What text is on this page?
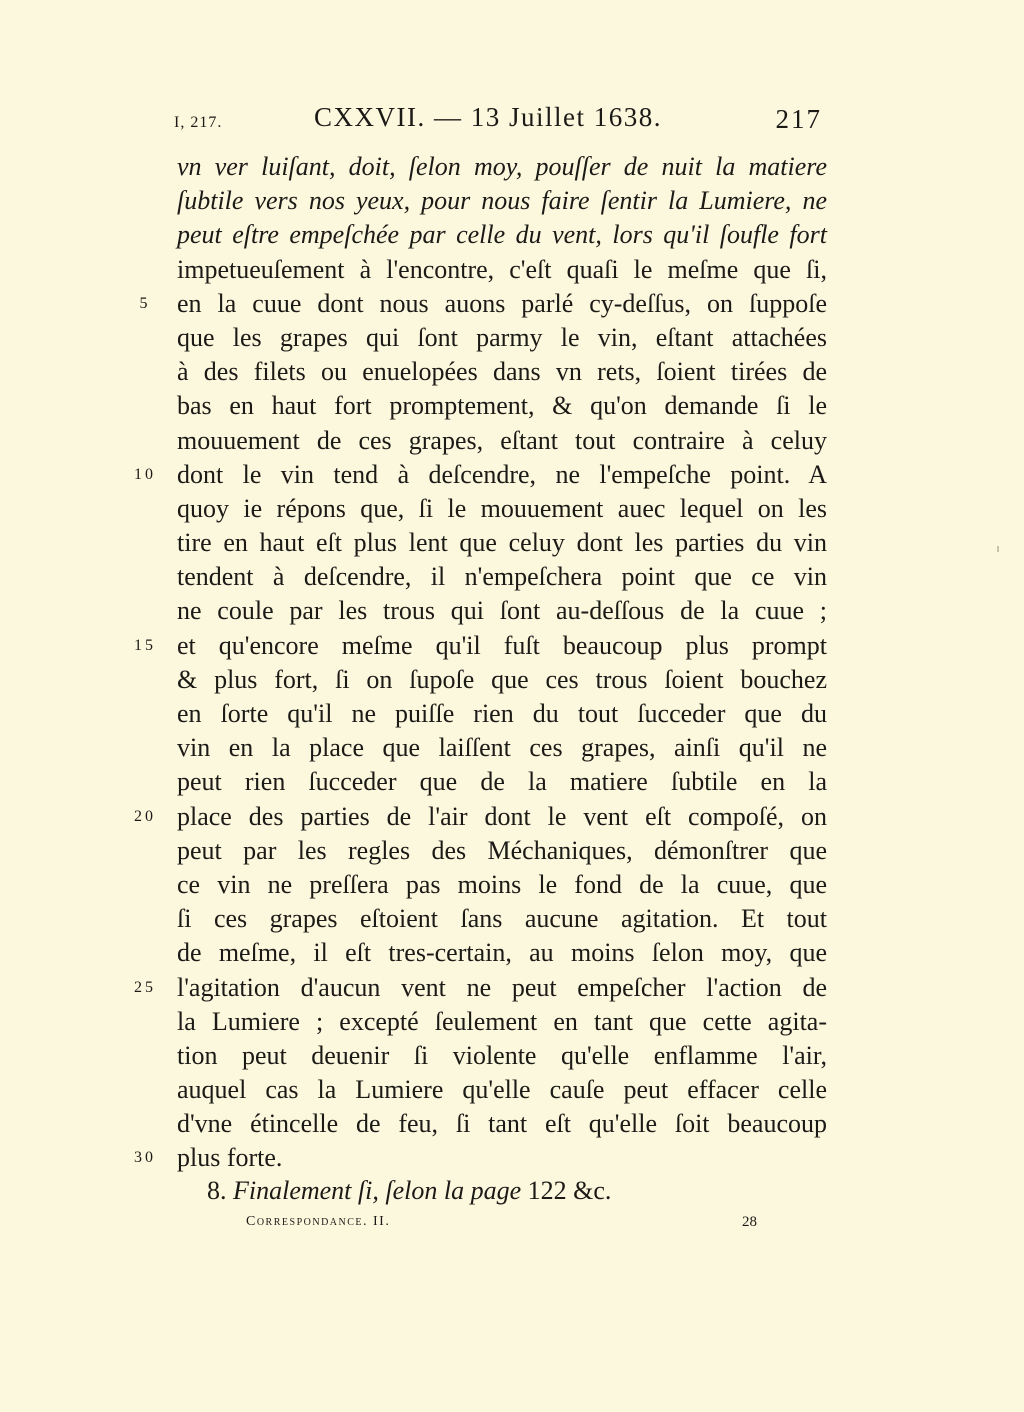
I, 217.	CXXVII. — 13 Juillet 1638.	217
vn ver luiſant, doit, ſelon moy, pouſſer de nuit la matiere
ſubtile vers nos yeux, pour nous faire ſentir la Lumiere, ne
peut eſtre empeſchée par celle du vent, lors qu'il ſoufle fort
impetueuſement à l'encontre, c'eſt quaſi le meſme que ſi,
5	en la cuue dont nous auons parlé cy-deſſus, on ſuppoſe
que les grapes qui ſont parmy le vin, eſtant attachées
à des filets ou enuelopées dans vn rets, ſoient tirées de
bas en haut fort promptement, & qu'on demande ſi le
mouuement de ces grapes, eſtant tout contraire à celuy
10 dont le vin tend à deſcendre, ne l'empeſche point. A
quoy ie répons que, ſi le mouuement auec lequel on les
tire en haut eſt plus lent que celuy dont les parties du vin
tendent à deſcendre, il n'empeſchera point que ce vin
ne coule par les trous qui ſont au-deſſous de la cuue ;
15 et qu'encore meſme qu'il fuſt beaucoup plus prompt
& plus fort, ſi on ſupoſe que ces trous ſoient bouchez
en ſorte qu'il ne puiſſe rien du tout ſucceder que du
vin en la place que laiſſent ces grapes, ainſi qu'il ne
peut rien ſucceder que de la matiere ſubtile en la
20 place des parties de l'air dont le vent eſt compoſé, on
peut par les regles des Méchaniques, démonſtrer que
ce vin ne preſſera pas moins le fond de la cuue, que
ſi ces grapes eſtoient ſans aucune agitation. Et tout
de meſme, il eſt tres-certain, au moins ſelon moy, que
25 l'agitation d'aucun vent ne peut empeſcher l'action de
la Lumiere ; excepté ſeulement en tant que cette agita-
tion peut deuenir ſi violente qu'elle enflamme l'air,
auquel cas la Lumiere qu'elle cauſe peut effacer celle
d'vne étincelle de feu, ſi tant eſt qu'elle ſoit beaucoup
30 plus forte.
8. Finalement ſi, ſelon la page 122 &c.
Correspondance. II.	28
